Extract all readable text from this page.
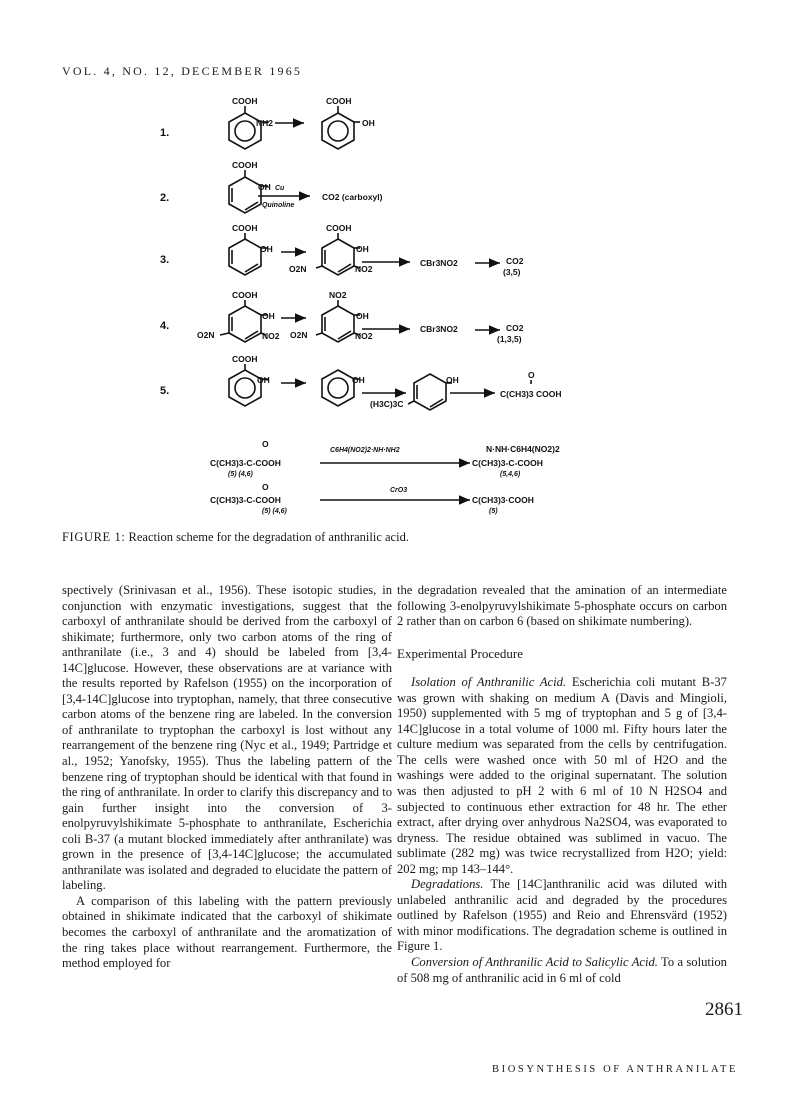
VOL. 4, NO. 12, DECEMBER 1965
1.
2.
3.
4.
5.
COOH
NH2
COOH
OH
COOH
OH Cu
Quinoline
CO2 (carboxyl)
COOH
OH
COOH
OH
O2N	NO2
CBr3NO2	CO2
(3,5)
COOH
OH
O2N	NO2
NO2
OH
O2N	NO2
CBr3NO2	CO2
(1,3,5)
COOH
OH	OH
(H3C)3C
OH
C(CH3)3 COOH
O
O
C(CH3)3-C-COOH
(5) (4,6)
C6H4(NO2)2·NH·NH2	N·NH·C6H4(NO2)2
C(CH3)3-C-COOH
(5,4,6)
O
C(CH3)3-C-COOH
(5) (4,6)
CrO3
C(CH3)3·COOH
(5)
FIGURE 1: Reaction scheme for the degradation of anthranilic acid.

spectively (Srinivasan et al., 1956). These isotopic studies, in conjunction with enzymatic investigations, suggest that the carboxyl of anthranilate should be derived from the carboxyl of shikimate; furthermore, only two carbon atoms of the ring of anthranilate (i.e., 3 and 4) should be labeled from [3,4-14C]glucose. However, these observations are at variance with the results reported by Rafelson (1955) on the incorporation of [3,4-14C]glucose into tryptophan, namely, that three consecutive carbon atoms of the benzene ring are labeled. In the conversion of anthranilate to tryptophan the carboxyl is lost without any rearrangement of the benzene ring (Nyc et al., 1949; Partridge et al., 1952; Yanofsky, 1955). Thus the labeling pattern of the benzene ring of tryptophan should be identical with that found in the ring of anthranilate. In order to clarify this discrepancy and to gain further insight into the conversion of 3-enolpyruvylshikimate 5-phosphate to anthranilate, Escherichia coli B-37 (a mutant blocked immediately after anthranilate) was grown in the presence of [3,4-14C]glucose; the accumulated anthranilate was isolated and degraded to elucidate the pattern of labeling.

A comparison of this labeling with the pattern previously obtained in shikimate indicated that the carboxyl of shikimate becomes the carboxyl of anthranilate and the aromatization of the ring takes place without rearrangement. Furthermore, the method employed for

the degradation revealed that the amination of an intermediate following 3-enolpyruvylshikimate 5-phosphate occurs on carbon 2 rather than on carbon 6 (based on shikimate numbering).

Experimental Procedure

Isolation of Anthranilic Acid. Escherichia coli mutant B-37 was grown with shaking on medium A (Davis and Mingioli, 1950) supplemented with 5 mg of tryptophan and 5 g of [3,4-14C]glucose in a total volume of 1000 ml. Fifty hours later the culture medium was separated from the cells by centrifugation. The cells were washed once with 50 ml of H2O and the washings were added to the original supernatant. The solution was then adjusted to pH 2 with 6 ml of 10 N H2SO4 and subjected to continuous ether extraction for 48 hr. The ether extract, after drying over anhydrous Na2SO4, was evaporated to dryness. The residue obtained was sublimed in vacuo. The sublimate (282 mg) was twice recrystallized from H2O; yield: 202 mg; mp 143–144°.

Degradations. The [14C]anthranilic acid was diluted with unlabeled anthranilic acid and degraded by the procedures outlined by Rafelson (1955) and Reio and Ehrensvärd (1952) with minor modifications. The degradation scheme is outlined in Figure 1.

Conversion of Anthranilic Acid to Salicylic Acid. To a solution of 508 mg of anthranilic acid in 6 ml of cold

2861
BIOSYNTHESIS OF ANTHRANILATE
